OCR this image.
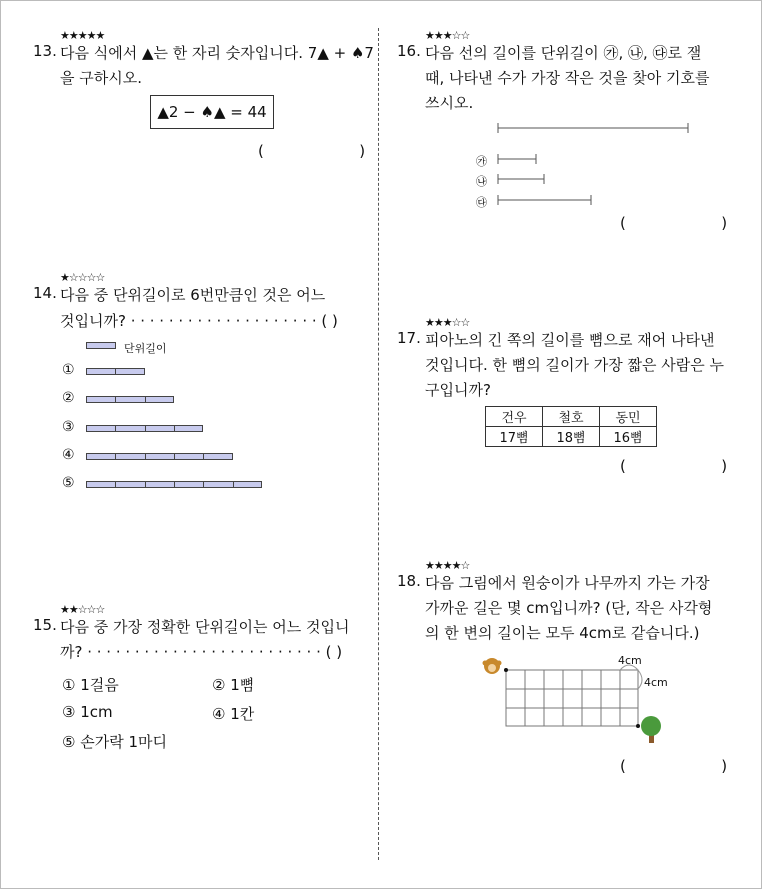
★★★★★
13. 다음 식에서 ▲는 한 자리 숫자입니다. 7▲ + ♠7
을 구하시오.
▲2 − ♠▲ = 44
(                    )
★☆☆☆☆
14. 다음 중 단위길이로 6번만큼인 것은 어느
것입니까? · · · · · · · · · · · · · · · · · · · · ( )
단위길이
①
②
③
④
⑤
★★☆☆☆
15. 다음 중 가장 정확한 단위길이는 어느 것입니
까? · · · · · · · · · · · · · · · · · · · · · · · · · ( )
① 1걸음	② 1뼘
③ 1cm	④ 1칸
⑤ 손가락 1마디
★★★☆☆
16. 다음 선의 길이를 단위길이 ㉮, ㉯, ㉰로 잴
때, 나타낸 수가 가장 작은 것을 찾아 기호를
쓰시오.
㉮
㉯
㉰
(                    )
★★★☆☆
17. 피아노의 긴 쪽의 길이를 뼘으로 재어 나타낸
것입니다. 한 뼘의 길이가 가장 짧은 사람은 누
구입니까?
건우	철호	동민
17뼘	18뼘	16뼘
(                    )
★★★★☆
18. 다음 그림에서 원숭이가 나무까지 가는 가장
가까운 길은 몇 cm입니까? (단, 작은 사각형
의 한 변의 길이는 모두 4cm로 같습니다.)
4cm
4cm
(                    )
